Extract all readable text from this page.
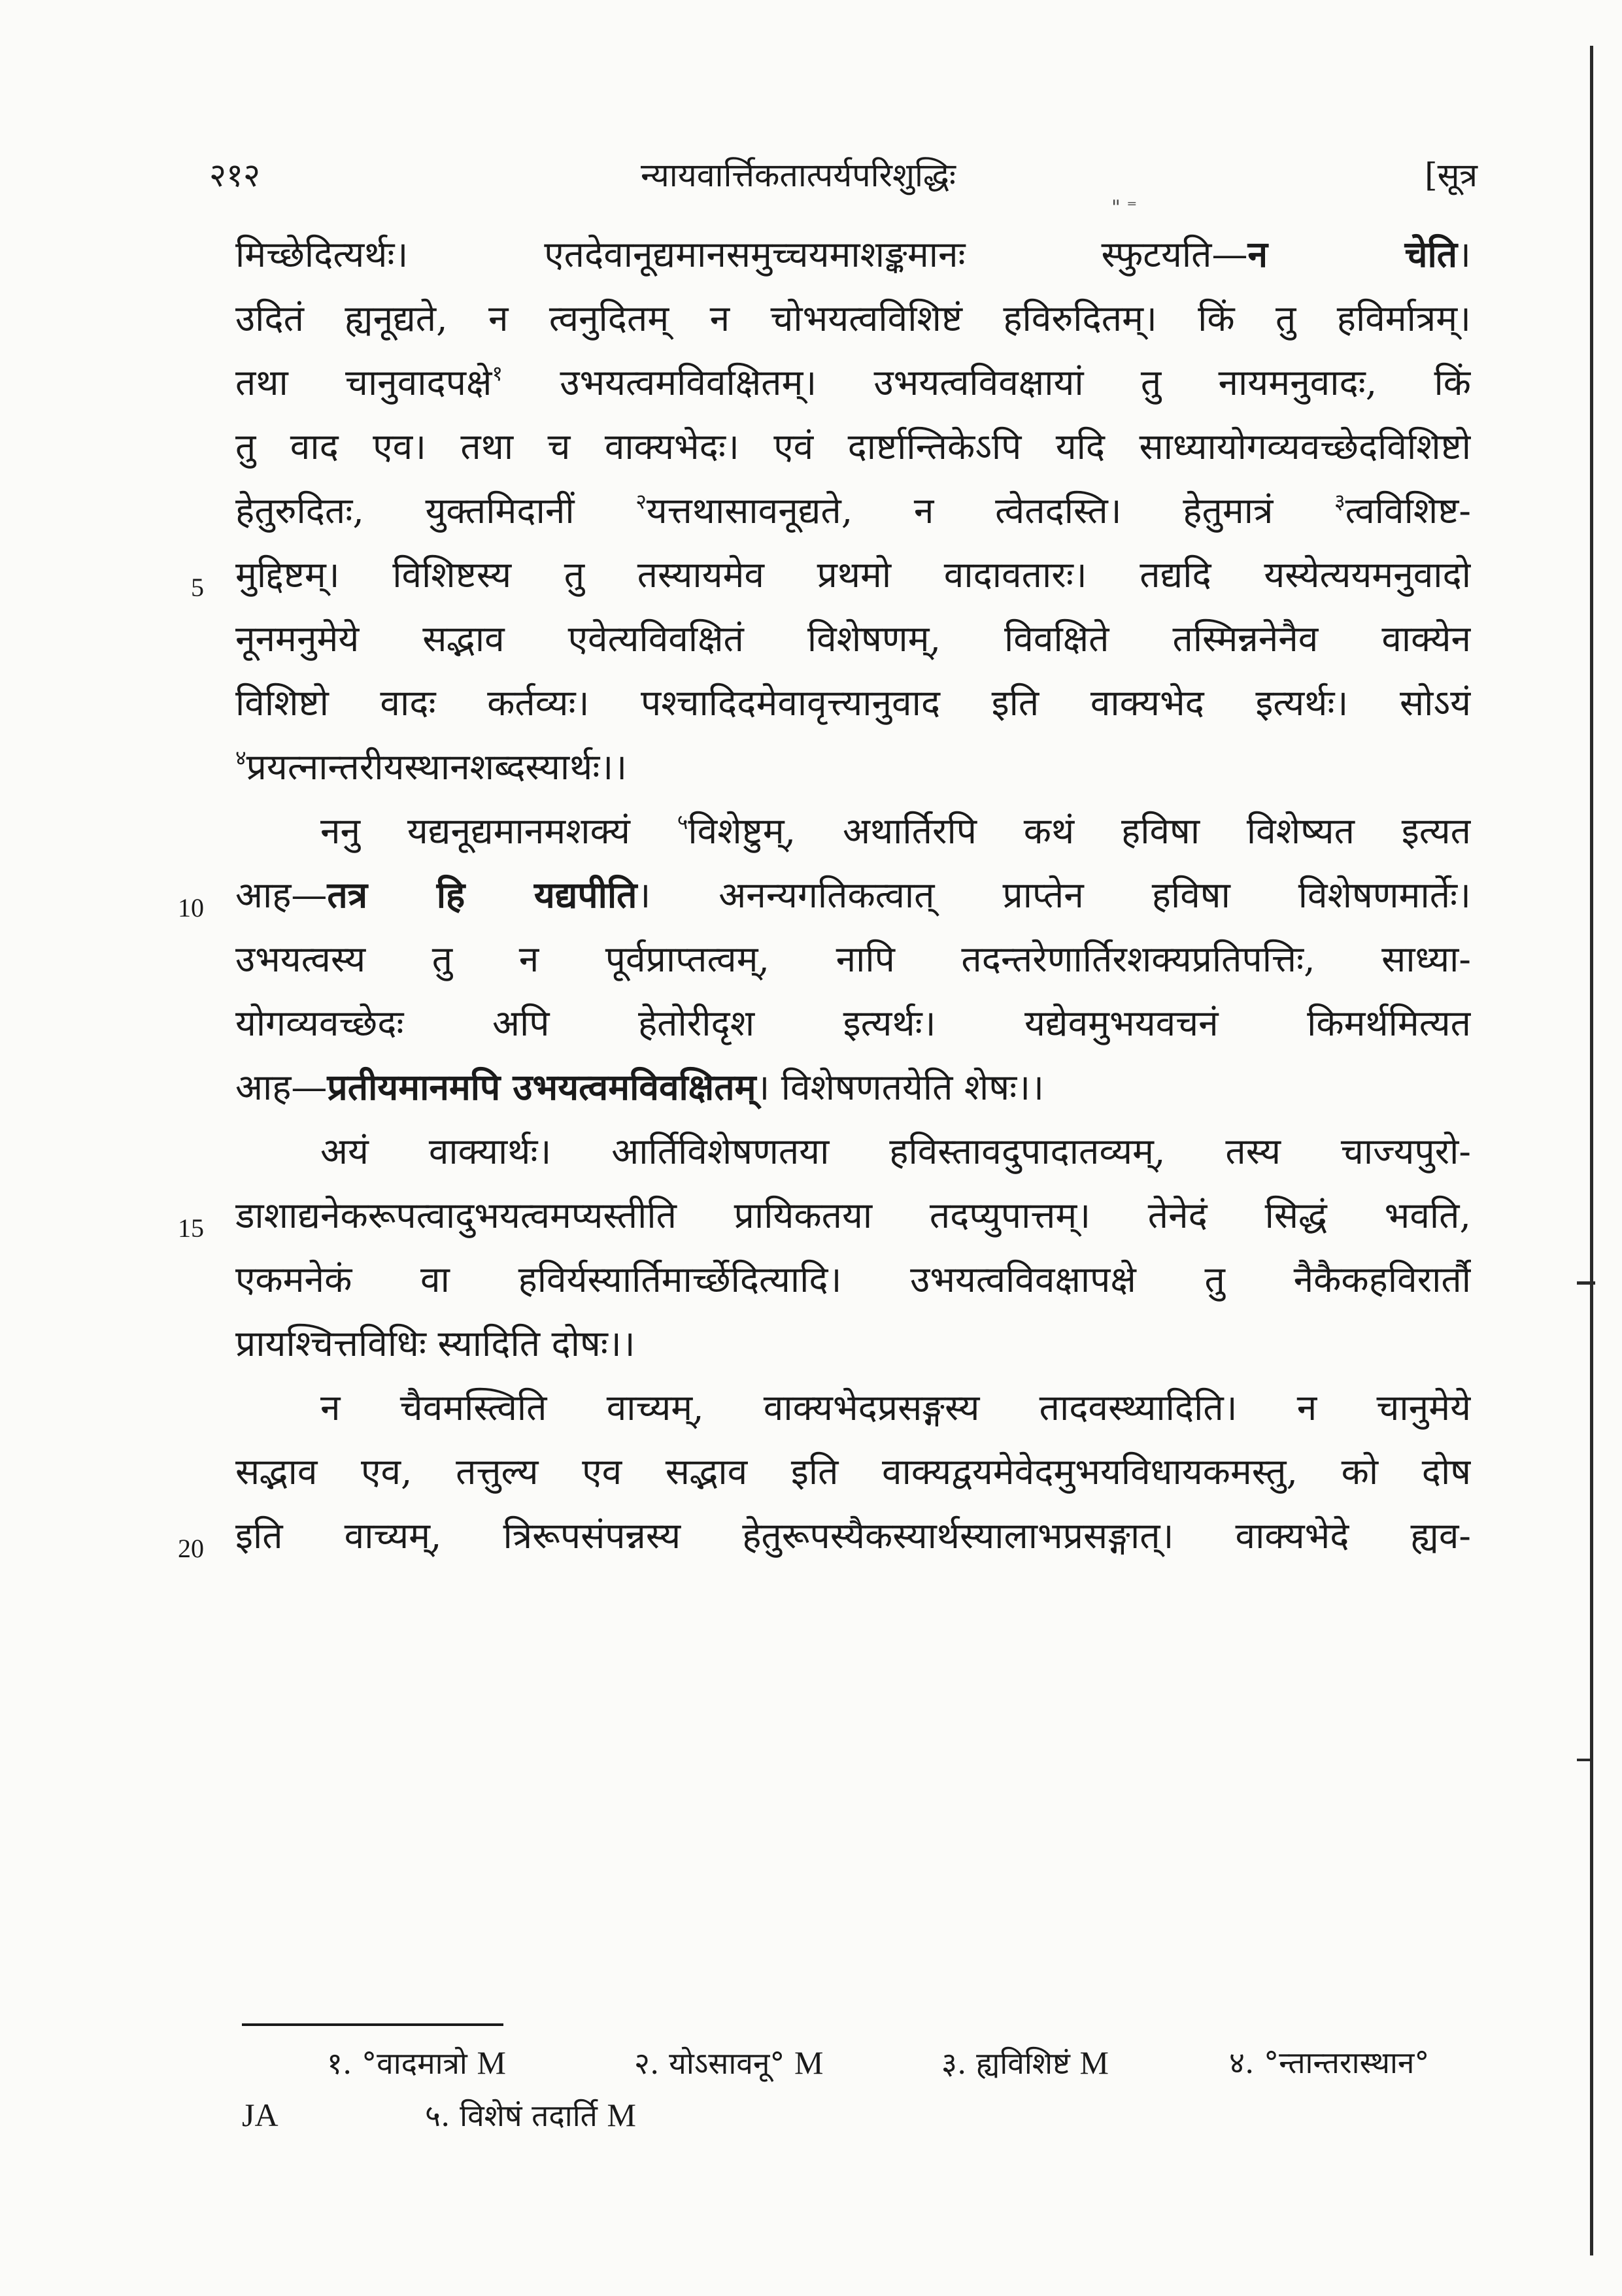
२१२	न्यायवार्त्तिकतात्पर्यपरिशुद्धिः	[सूत्र
" ⁼
मिच्छेदित्यर्थः। एतदेवानूद्यमानसमुच्चयमाशङ्कमानः स्फुटयति—न चेति।
उदितं ह्यनूद्यते, न त्वनुदितम् न चोभयत्वविशिष्टं हविरुदितम्। किं तु हविर्मात्रम्।
तथा चानुवादपक्षे$^१$ उभयत्वमविवक्षितम्। उभयत्वविवक्षायां तु नायमनुवादः, किं
तु वाद एव। तथा च वाक्यभेदः। एवं दार्ष्टान्तिकेऽपि यदि साध्यायोगव्यवच्छेदविशिष्टो
हेतुरुदितः, युक्तमिदानीं $^२$यत्तथासावनूद्यते, न त्वेतदस्ति। हेतुमात्रं $^३$त्वविशिष्ट-
मुद्दिष्टम्। विशिष्टस्य तु तस्यायमेव प्रथमो वादावतारः। तद्यदि यस्येत्ययमनुवादो
नूनमनुमेये सद्भाव एवेत्यविवक्षितं विशेषणम्, विवक्षिते तस्मिन्ननेनैव वाक्येन
विशिष्टो वादः कर्तव्यः। पश्चादिदमेवावृत्त्यानुवाद इति वाक्यभेद इत्यर्थः। सोऽयं
$^४$प्रयत्नान्तरीयस्थानशब्दस्यार्थः।।
ननु यद्यनूद्यमानमशक्यं $^५$विशेष्टुम्, अथार्तिरपि कथं हविषा विशेष्यत इत्यत
आह—तत्र हि यद्यपीति। अनन्यगतिकत्वात् प्राप्तेन हविषा विशेषणमार्तेः।
उभयत्वस्य तु न पूर्वप्राप्तत्वम्, नापि तदन्तरेणार्तिरशक्यप्रतिपत्तिः, साध्या-
योगव्यवच्छेदः अपि हेतोरीदृश इत्यर्थः। यद्येवमुभयवचनं किमर्थमित्यत
आह—प्रतीयमानमपि उभयत्वमविवक्षितम्। विशेषणतयेति शेषः।।
अयं वाक्यार्थः। आर्तिविशेषणतया हविस्तावदुपादातव्यम्, तस्य चाज्यपुरो-
डाशाद्यनेकरूपत्वादुभयत्वमप्यस्तीति प्रायिकतया तदप्युपात्तम्। तेनेदं सिद्धं भवति,
एकमनेकं वा हविर्यस्यार्तिमार्च्छेदित्यादि। उभयत्वविवक्षापक्षे तु नैकैकहविरार्तौ
प्रायश्चित्तविधिः स्यादिति दोषः।।
न चैवमस्त्विति वाच्यम्, वाक्यभेदप्रसङ्गस्य तादवस्थ्यादिति। न चानुमेये
सद्भाव एव, तत्तुल्य एव सद्भाव इति वाक्यद्वयमेवेदमुभयविधायकमस्तु, को दोष
इति वाच्यम्, त्रिरूपसंपन्नस्य हेतुरूपस्यैकस्यार्थस्यालाभप्रसङ्गात्। वाक्यभेदे ह्यव-
5
10
15
20
१. °वादमात्रो M	२. योऽसावनू° M	३. ह्यविशिष्टं M	४. °न्तान्तरास्थान°
JA	५. विशेषं तदार्ति M
